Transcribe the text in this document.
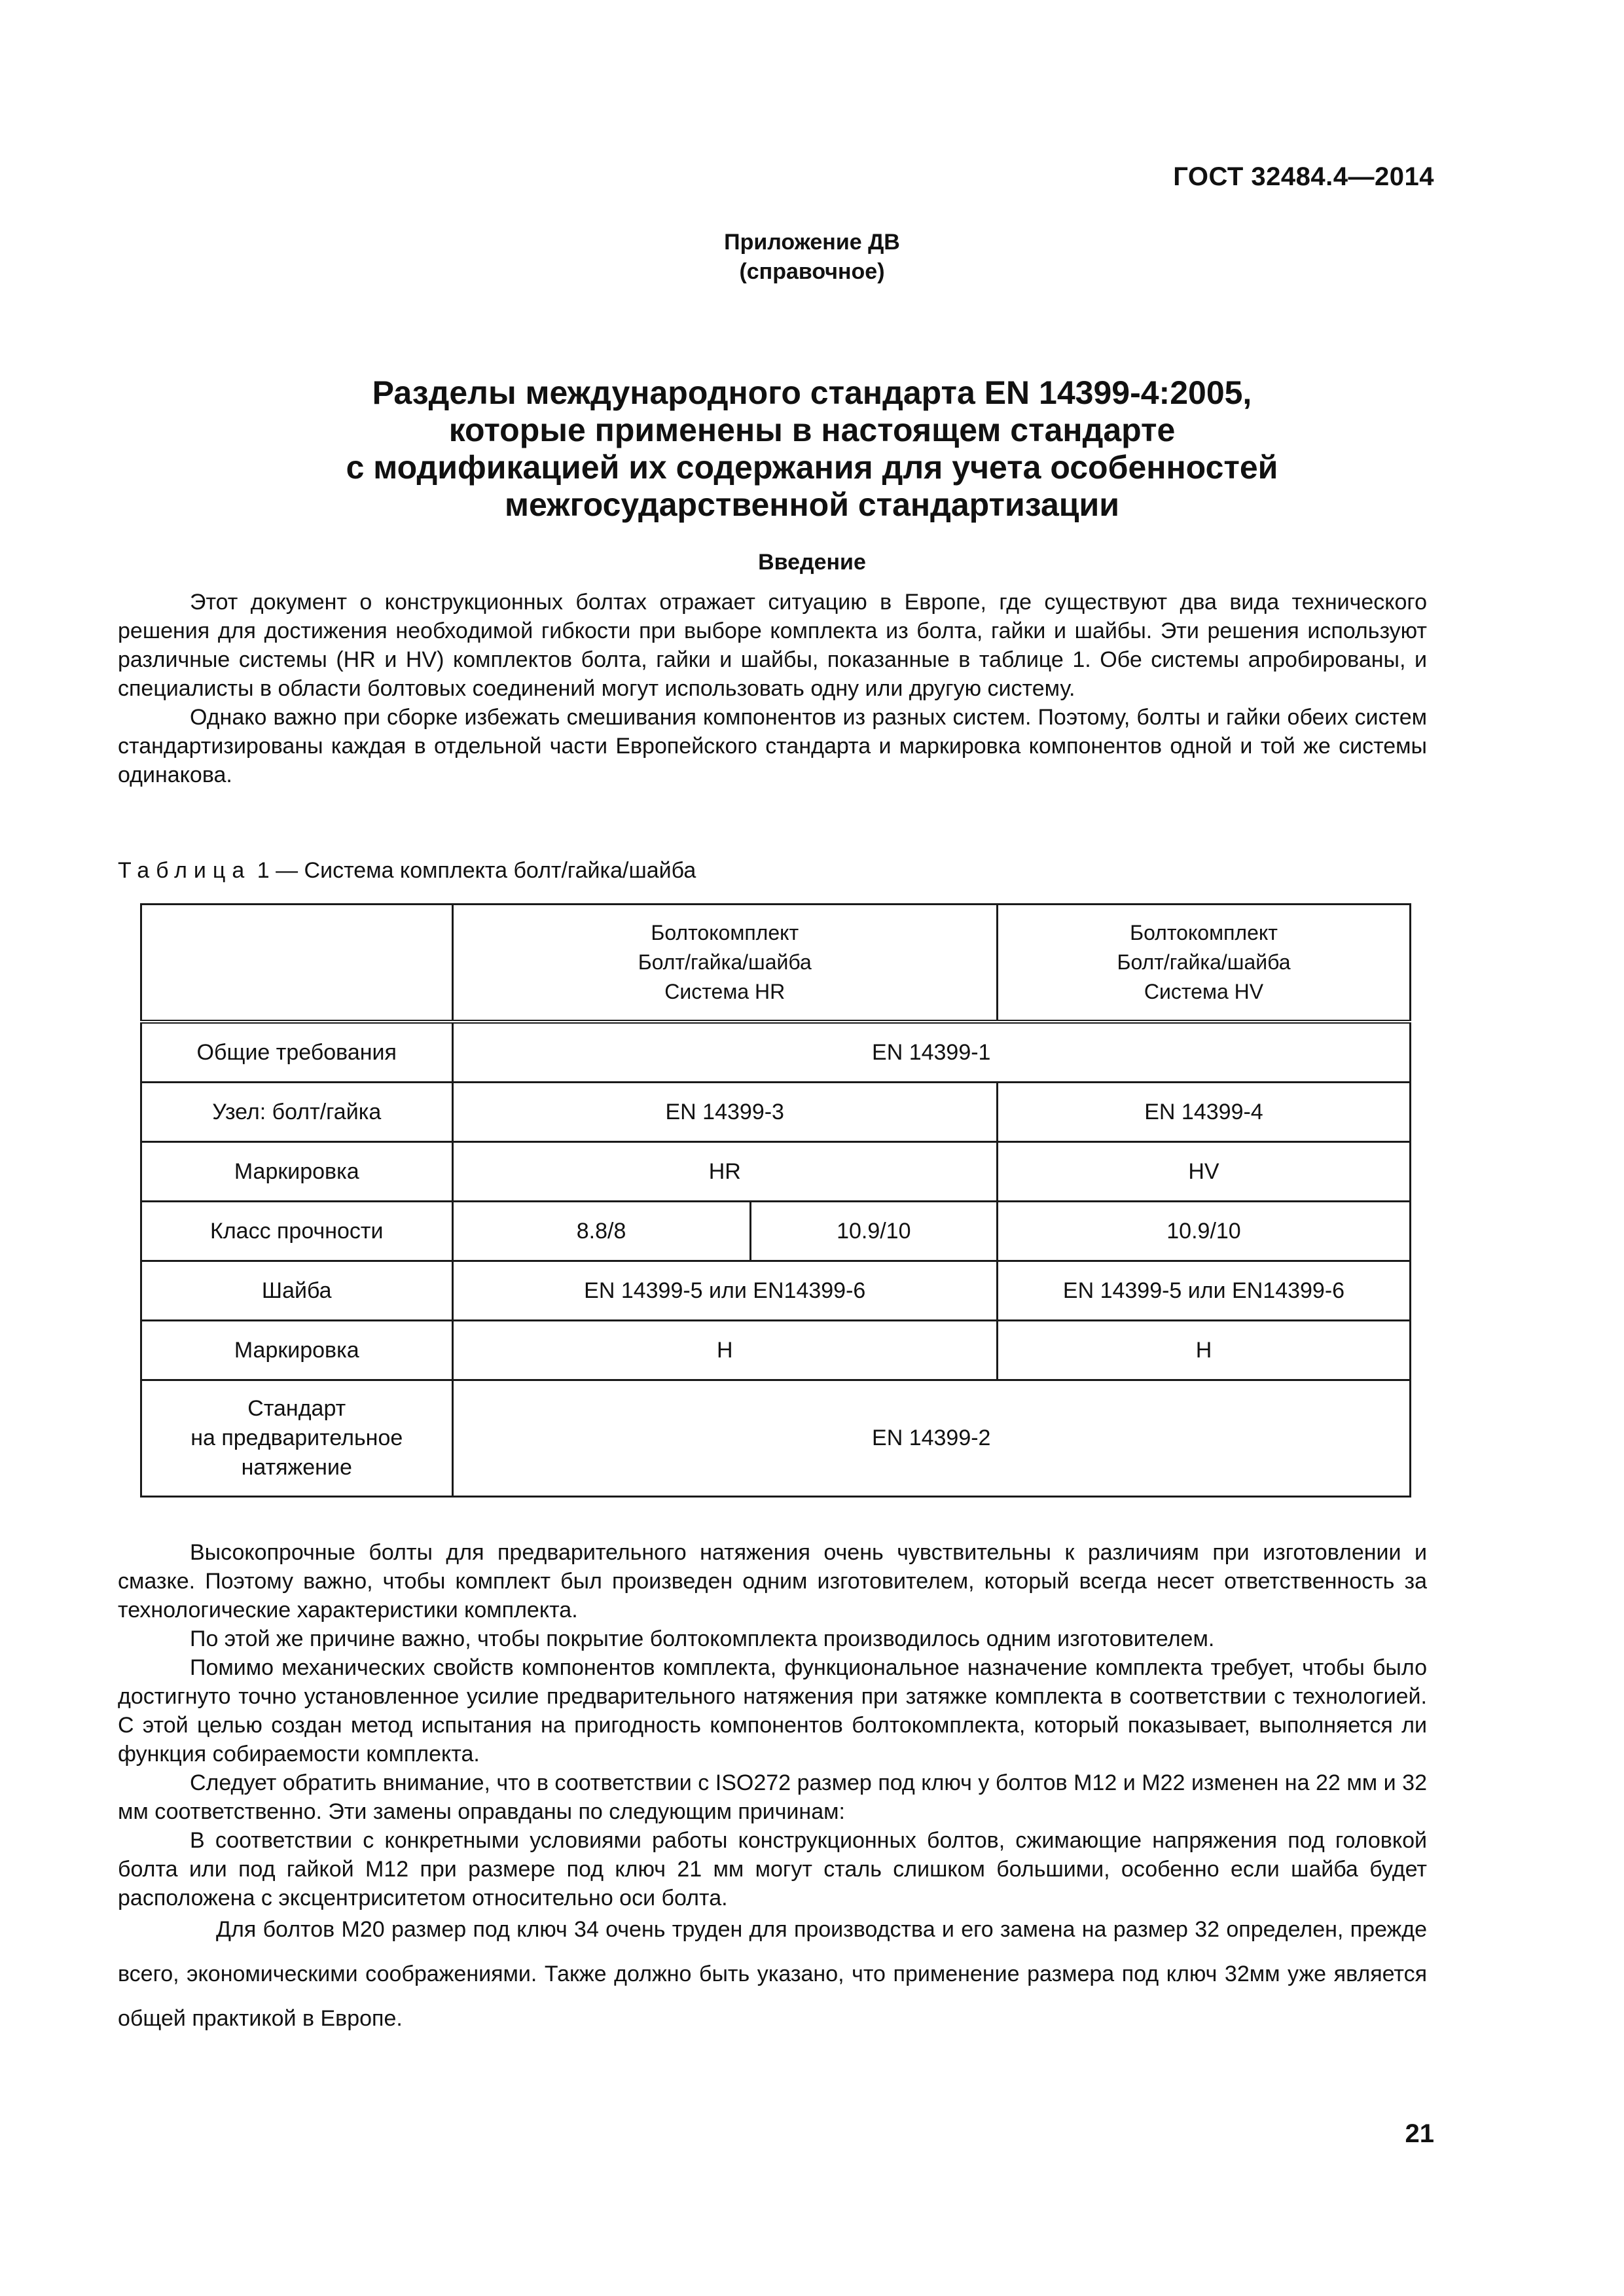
ГОСТ 32484.4—2014
Приложение ДВ
(справочное)
Разделы международного стандарта EN 14399-4:2005,
которые применены в настоящем стандарте
с модификацией их содержания для учета особенностей
межгосударственной стандартизации
Введение

Этот документ о конструкционных болтах отражает ситуацию в Европе, где существуют два вида технического решения для достижения необходимой гибкости при выборе комплекта из болта, гайки и шайбы. Эти решения используют различные системы (HR и HV) комплектов болта, гайки и шайбы, показанные в таблице 1. Обе системы апробированы, и специалисты в области болтовых соединений могут использовать одну или другую систему.

Однако важно при сборке избежать смешивания компонентов из разных систем. Поэтому, болты и гайки обеих систем стандартизированы каждая в отдельной части Европейского стандарта и маркировка компонентов одной и той же системы одинакова.

Таблица 1 — Система комплекта болт/гайка/шайба

	Болтокомплект
Болт/гайка/шайба
Система HR		Болтокомплект
Болт/гайка/шайба
Система HV

Общие требования	EN 14399-1		
Узел: болт/гайка	EN 14399-3		EN 14399-4
Маркировка	HR		HV
Класс прочности	8.8/8	10.9/10	10.9/10
Шайба	EN 14399-5 или EN14399-6		EN 14399-5 или EN14399-6
Маркировка	H		H

Стандарт
на предварительное
натяжение	EN 14399-2		

Высокопрочные болты для предварительного натяжения очень чувствительны к различиям при изготовлении и смазке. Поэтому важно, чтобы комплект был произведен одним изготовителем, который всегда несет ответственность за технологические характеристики комплекта.

По этой же причине важно, чтобы покрытие болтокомплекта производилось одним изготовителем.

Помимо механических свойств компонентов комплекта, функциональное назначение комплекта требует, чтобы было достигнуто точно установленное усилие предварительного натяжения при затяжке комплекта в соответствии с технологией. С этой целью создан метод испытания на пригодность компонентов болтокомплекта, который показывает, выполняется ли функция собираемости комплекта.

Следует обратить внимание, что в соответствии с ISO272 размер под ключ у болтов M12 и M22 изменен на 22 мм и 32 мм соответственно. Эти замены оправданы по следующим причинам:

В соответствии с конкретными условиями работы конструкционных болтов, сжимающие напряжения под головкой болта или под гайкой M12 при размере под ключ 21 мм могут сталь слишком большими, особенно если шайба будет расположена с эксцентриситетом относительно оси болта.

Для болтов M20 размер под ключ 34 очень труден для производства и его замена на размер 32 определен, прежде всего, экономическими соображениями. Также должно быть указано, что применение размера под ключ 32мм уже является общей практикой в Европе.

21
